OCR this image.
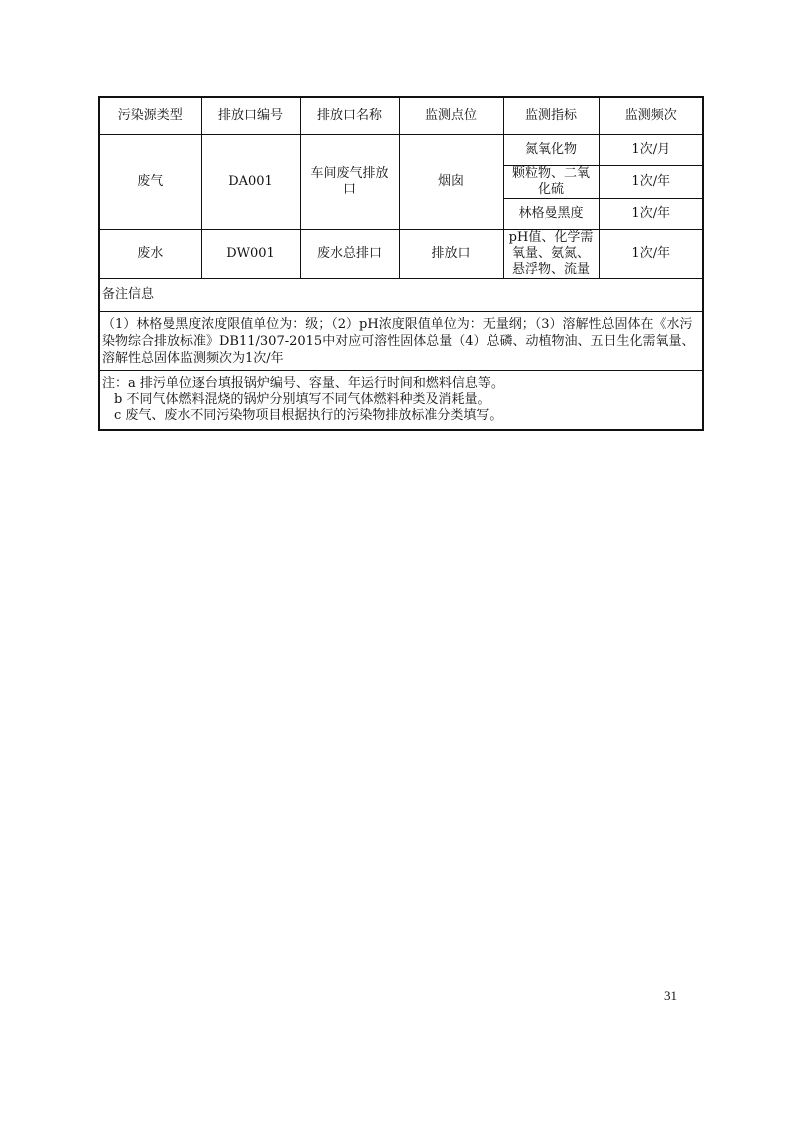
污染源类型	排放口编号	排放口名称	监测点位	监测指标	监测频次
废气	DA001	车间废气排放口	烟囱	氮氧化物	1次/月
				颗粒物、二氧化硫	1次/年
				林格曼黑度	1次/年
废水	DW001	废水总排口	排放口	pH值、化学需氧量、氨氮、悬浮物、流量	1次/年
备注信息					
（1）林格曼黑度浓度限值单位为：级；（2）pH浓度限值单位为：无量纲；（3）溶解性总固体在《水污染物综合排放标准》DB11/307-2015中对应可溶性固体总量（4）总磷、动植物油、五日生化需氧量、溶解性总固体监测频次为1次/年					

注：a 排污单位逐台填报锅炉编号、容量、年运行时间和燃料信息等。
b 不同气体燃料混烧的锅炉分别填写不同气体燃料种类及消耗量。
c 废气、废水不同污染物项目根据执行的污染物排放标准分类填写。					
31
